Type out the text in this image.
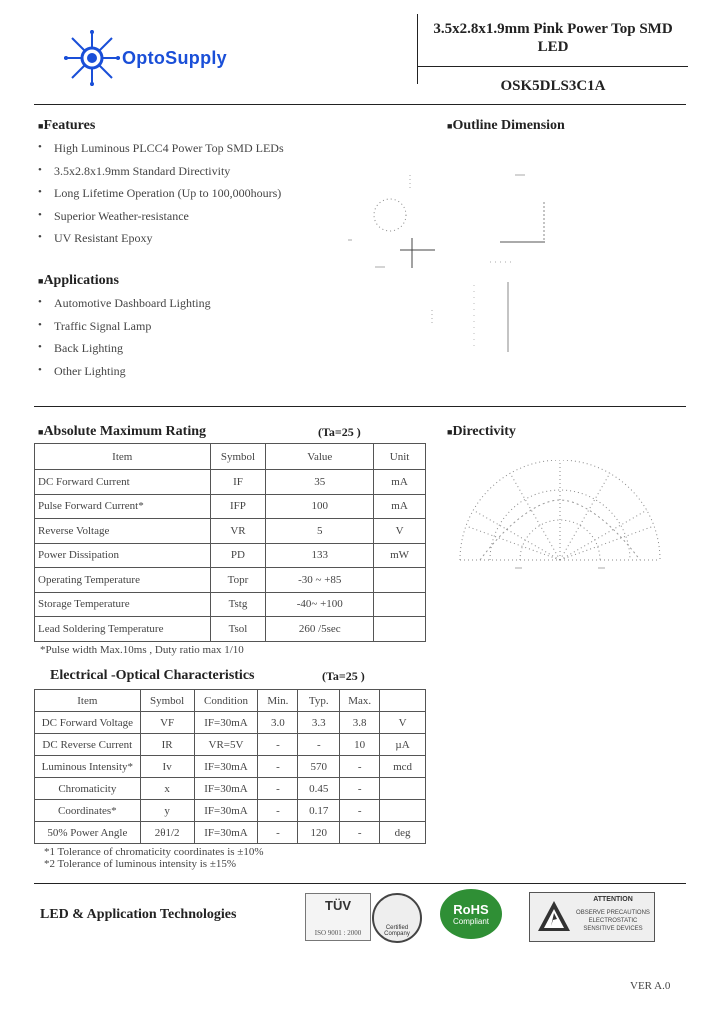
OptoSupply
3.5x2.8x1.9mm Pink Power Top SMD LED
OSK5DLS3C1A
■Features
• High Luminous PLCC4 Power Top SMD LEDs
• 3.5x2.8x1.9mm Standard Directivity
• Long Lifetime Operation (Up to 100,000hours)
• Superior Weather-resistance
• UV Resistant Epoxy
■Outline Dimension
■Applications
• Automotive Dashboard Lighting
• Traffic Signal Lamp
• Back Lighting
• Other Lighting
■Absolute Maximum Rating	(Ta=25 )
Item	Symbol	Value	Unit
DC Forward Current	IF	35	mA
Pulse Forward Current*	IFP	100	mA
Reverse Voltage	VR	5	V
Power Dissipation	PD	133	mW
Operating Temperature	Topr	-30 ~ +85	
Storage Temperature	Tstg	-40~ +100	
Lead Soldering Temperature	Tsol	260 /5sec	
*Pulse width Max.10ms , Duty ratio max 1/10
■Directivity
Electrical -Optical Characteristics	(Ta=25 )
Item	Symbol	Condition	Min.	Typ.	Max.	
DC Forward Voltage	VF	IF=30mA	3.0	3.3	3.8	V
DC Reverse Current	IR	VR=5V	-	-	10	µA
Luminous Intensity*	Iv	IF=30mA	-	570	-	mcd
Chromaticity	x	IF=30mA	-	0.45	-	
Coordinates*	y	IF=30mA	-	0.17	-	
50% Power Angle	2θ1/2	IF=30mA	-	120	-	deg
*1 Tolerance of chromaticity coordinates is ±10%
*2 Tolerance of luminous intensity is ±15%
LED & Application Technologies
TÜV
ISO 9001 : 2000
Certified Company
RoHS
Compliant
ATTENTION
OBSERVE PRECAUTIONS
ELECTROSTATIC
SENSITIVE DEVICES
VER A.0
